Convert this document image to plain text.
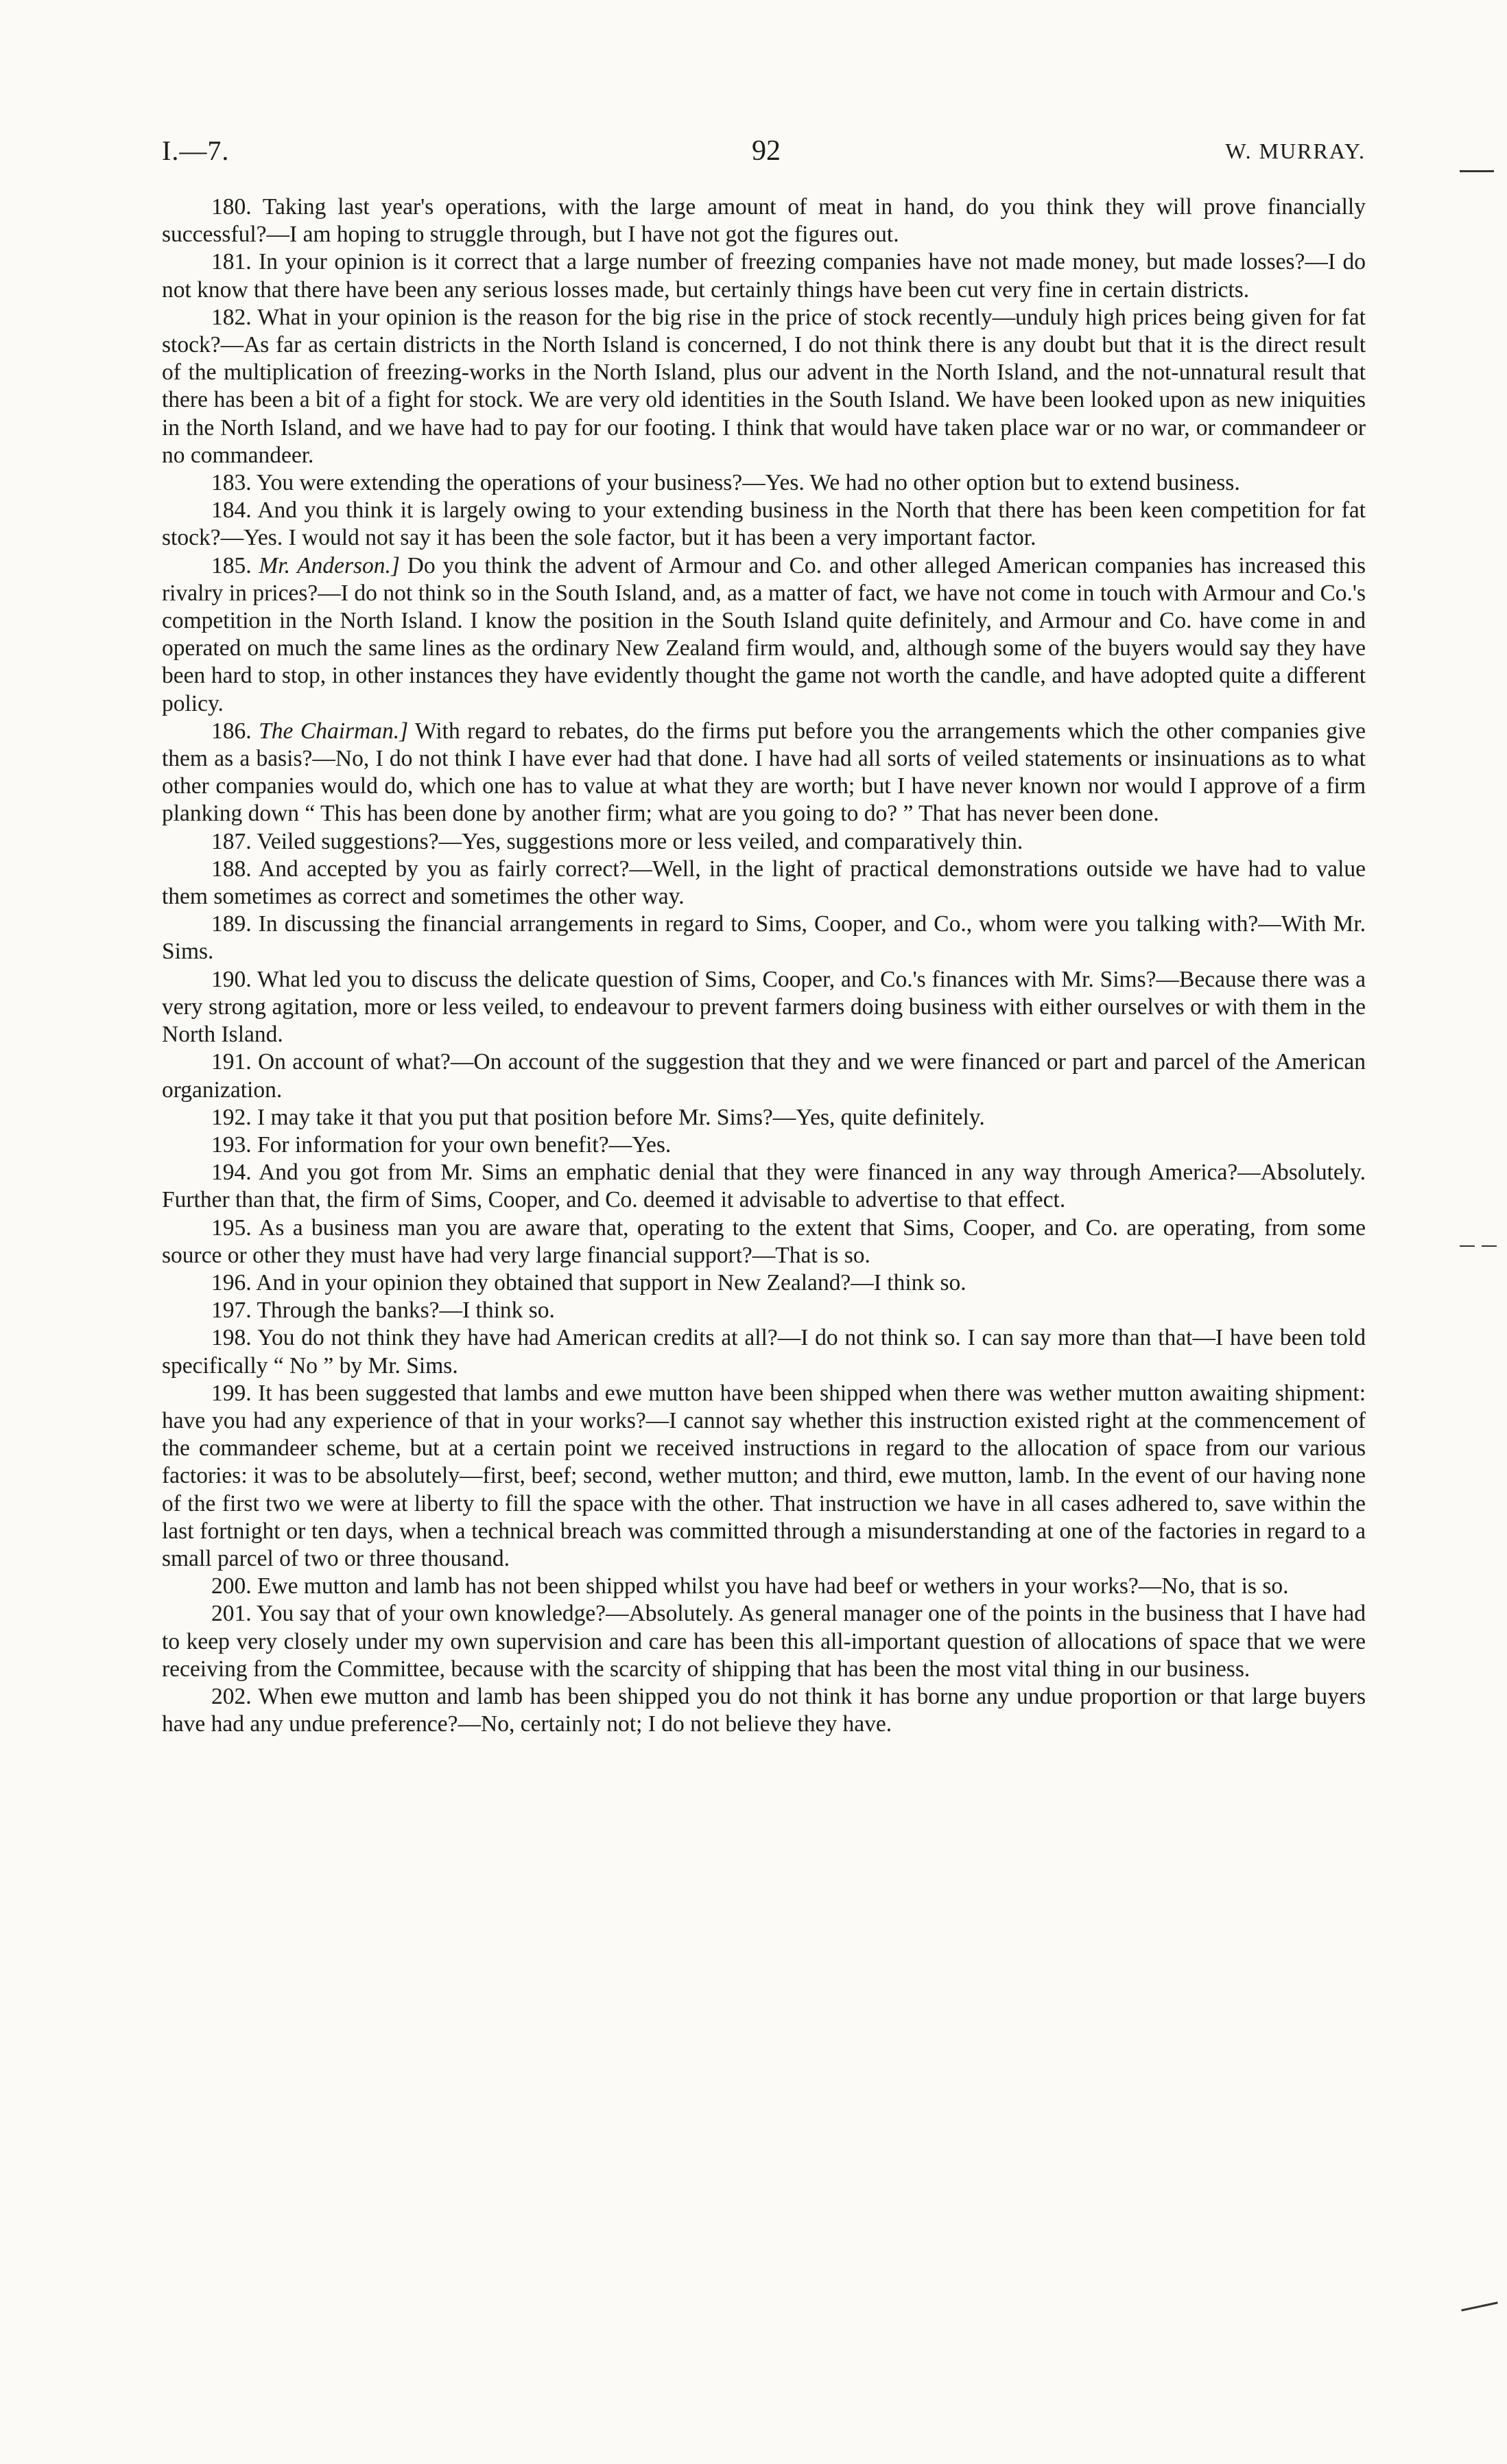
I.—7.	92	W. MURRAY.

180. Taking last year's operations, with the large amount of meat in hand, do you think they will prove financially successful?—I am hoping to struggle through, but I have not got the figures out.

181. In your opinion is it correct that a large number of freezing companies have not made money, but made losses?—I do not know that there have been any serious losses made, but certainly things have been cut very fine in certain districts.

182. What in your opinion is the reason for the big rise in the price of stock recently—unduly high prices being given for fat stock?—As far as certain districts in the North Island is concerned, I do not think there is any doubt but that it is the direct result of the multiplication of freezing-works in the North Island, plus our advent in the North Island, and the not-unnatural result that there has been a bit of a fight for stock. We are very old identities in the South Island. We have been looked upon as new iniquities in the North Island, and we have had to pay for our footing. I think that would have taken place war or no war, or commandeer or no commandeer.

183. You were extending the operations of your business?—Yes. We had no other option but to extend business.

184. And you think it is largely owing to your extending business in the North that there has been keen competition for fat stock?—Yes. I would not say it has been the sole factor, but it has been a very important factor.

185. Mr. Anderson.] Do you think the advent of Armour and Co. and other alleged American companies has increased this rivalry in prices?—I do not think so in the South Island, and, as a matter of fact, we have not come in touch with Armour and Co.'s competition in the North Island. I know the position in the South Island quite definitely, and Armour and Co. have come in and operated on much the same lines as the ordinary New Zealand firm would, and, although some of the buyers would say they have been hard to stop, in other instances they have evidently thought the game not worth the candle, and have adopted quite a different policy.

186. The Chairman.] With regard to rebates, do the firms put before you the arrangements which the other companies give them as a basis?—No, I do not think I have ever had that done. I have had all sorts of veiled statements or insinuations as to what other companies would do, which one has to value at what they are worth; but I have never known nor would I approve of a firm planking down “ This has been done by another firm; what are you going to do? ” That has never been done.

187. Veiled suggestions?—Yes, suggestions more or less veiled, and comparatively thin.

188. And accepted by you as fairly correct?—Well, in the light of practical demonstrations outside we have had to value them sometimes as correct and sometimes the other way.

189. In discussing the financial arrangements in regard to Sims, Cooper, and Co., whom were you talking with?—With Mr. Sims.

190. What led you to discuss the delicate question of Sims, Cooper, and Co.'s finances with Mr. Sims?—Because there was a very strong agitation, more or less veiled, to endeavour to prevent farmers doing business with either ourselves or with them in the North Island.

191. On account of what?—On account of the suggestion that they and we were financed or part and parcel of the American organization.

192. I may take it that you put that position before Mr. Sims?—Yes, quite definitely.

193. For information for your own benefit?—Yes.

194. And you got from Mr. Sims an emphatic denial that they were financed in any way through America?—Absolutely. Further than that, the firm of Sims, Cooper, and Co. deemed it advisable to advertise to that effect.

195. As a business man you are aware that, operating to the extent that Sims, Cooper, and Co. are operating, from some source or other they must have had very large financial support?—That is so.

196. And in your opinion they obtained that support in New Zealand?—I think so.

197. Through the banks?—I think so.

198. You do not think they have had American credits at all?—I do not think so. I can say more than that—I have been told specifically “ No ” by Mr. Sims.

199. It has been suggested that lambs and ewe mutton have been shipped when there was wether mutton awaiting shipment: have you had any experience of that in your works?—I cannot say whether this instruction existed right at the commencement of the commandeer scheme, but at a certain point we received instructions in regard to the allocation of space from our various factories: it was to be absolutely—first, beef; second, wether mutton; and third, ewe mutton, lamb. In the event of our having none of the first two we were at liberty to fill the space with the other. That instruction we have in all cases adhered to, save within the last fortnight or ten days, when a technical breach was committed through a misunderstanding at one of the factories in regard to a small parcel of two or three thousand.

200. Ewe mutton and lamb has not been shipped whilst you have had beef or wethers in your works?—No, that is so.

201. You say that of your own knowledge?—Absolutely. As general manager one of the points in the business that I have had to keep very closely under my own supervision and care has been this all-important question of allocations of space that we were receiving from the Committee, because with the scarcity of shipping that has been the most vital thing in our business.

202. When ewe mutton and lamb has been shipped you do not think it has borne any undue proportion or that large buyers have had any undue preference?—No, certainly not; I do not believe they have.
